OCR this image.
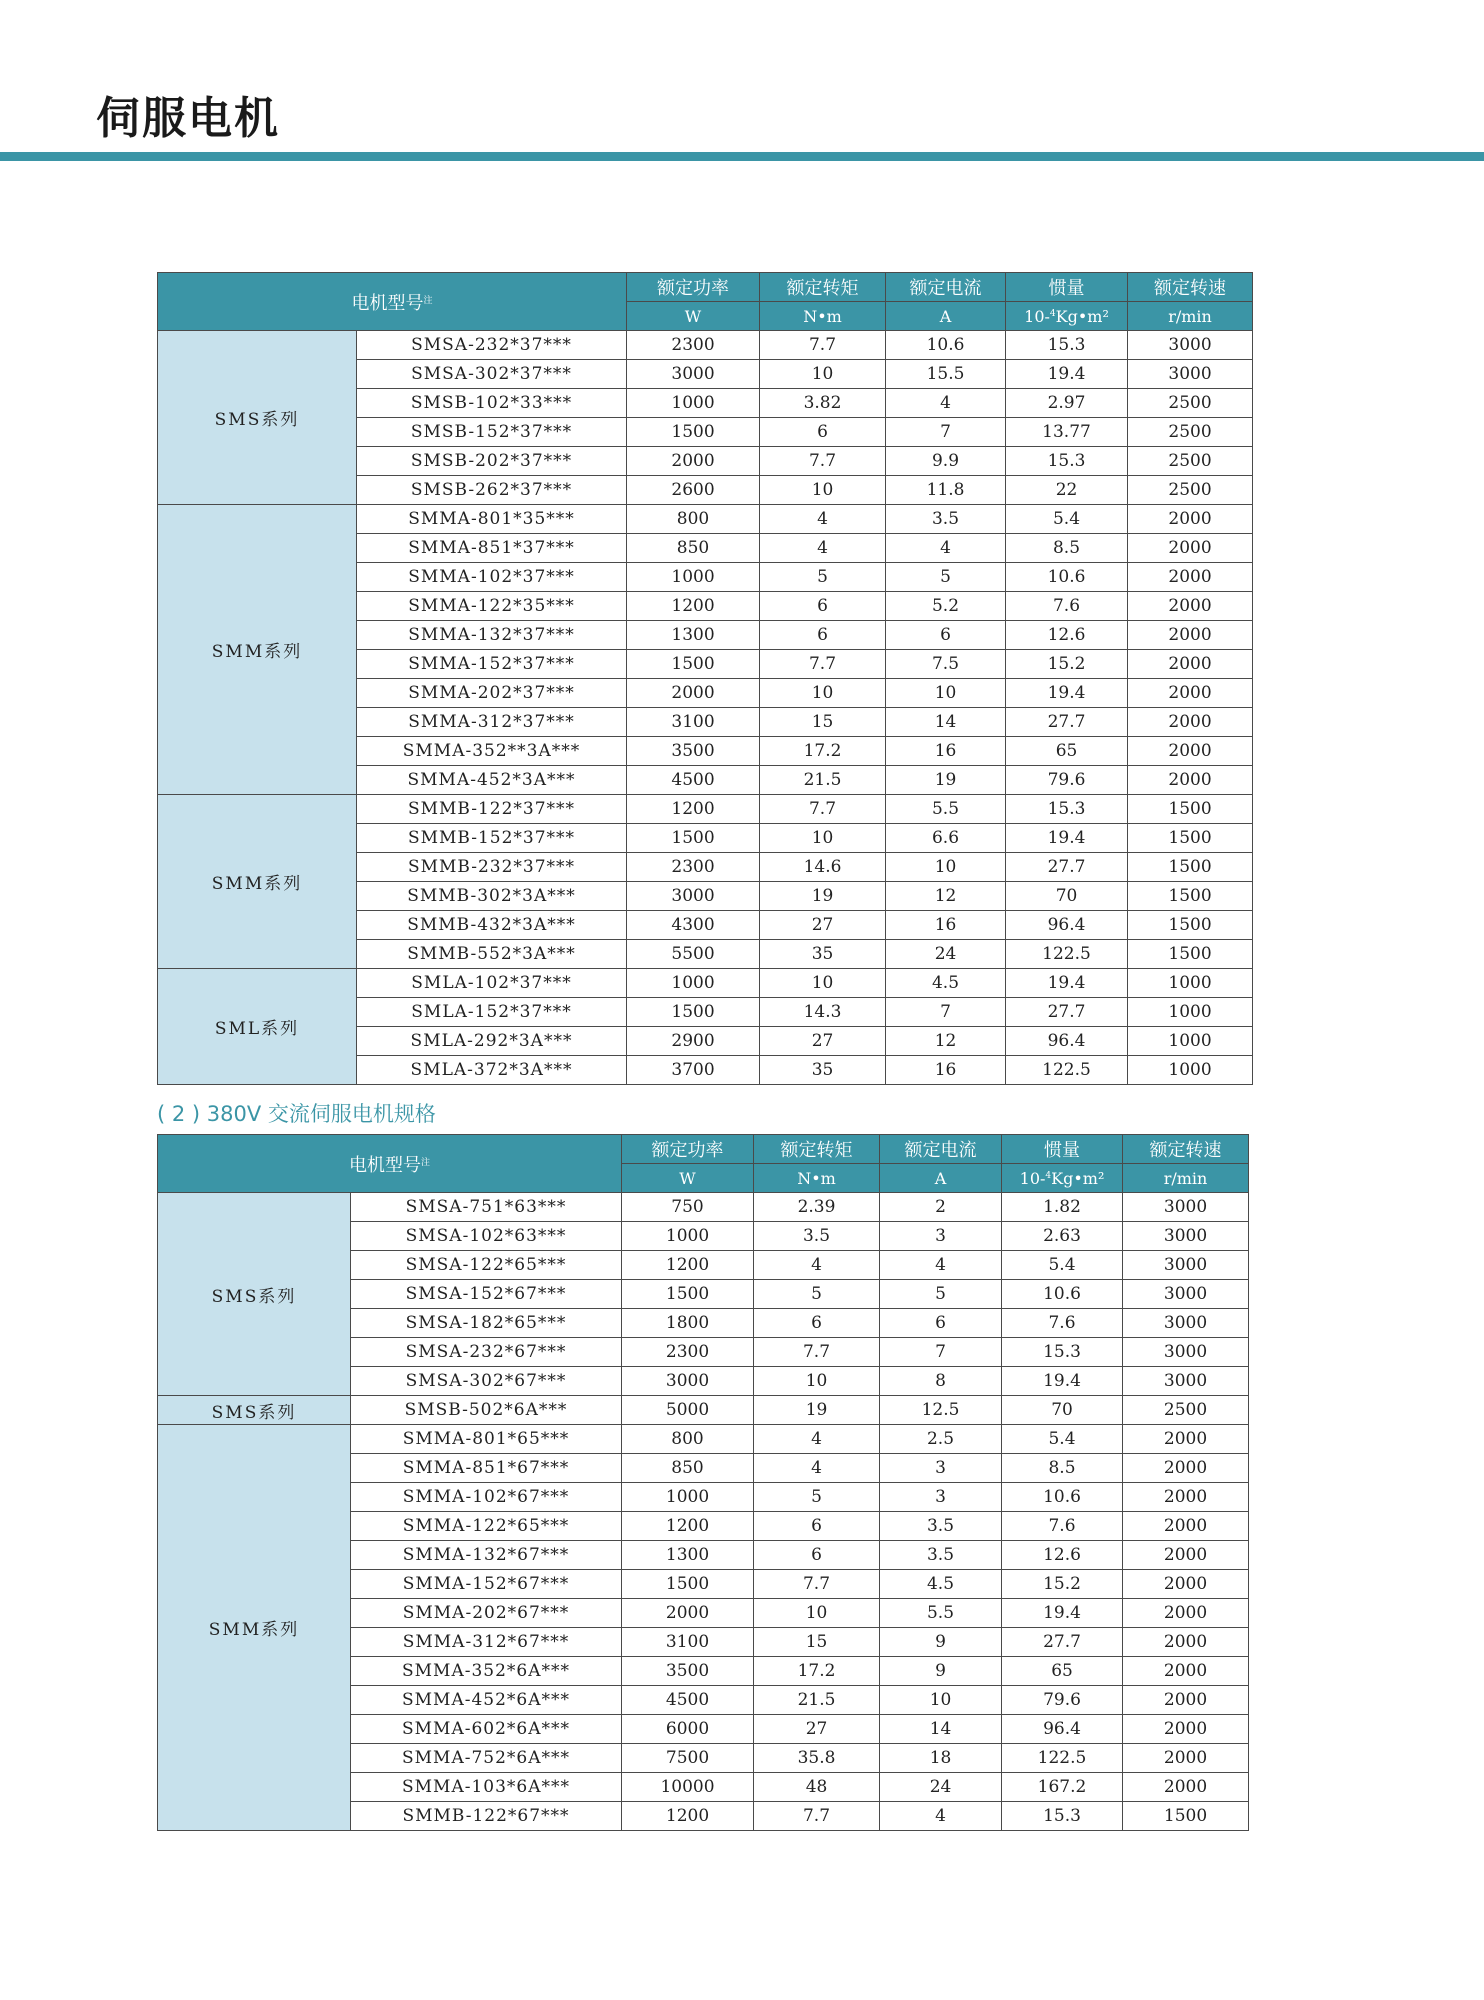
伺服电机
电机型号$^注$		额定功率	额定转矩	额定电流	惯量	额定转速
		W	N•m	A	10-$^4$Kg•m²	r/min
SMS系列	SMSA-232*37***	2300	7.7	10.6	15.3	3000
	SMSA-302*37***	3000	10	15.5	19.4	3000
	SMSB-102*33***	1000	3.82	4	2.97	2500
	SMSB-152*37***	1500	6	7	13.77	2500
	SMSB-202*37***	2000	7.7	9.9	15.3	2500
	SMSB-262*37***	2600	10	11.8	22	2500
SMM系列	SMMA-801*35***	800	4	3.5	5.4	2000
	SMMA-851*37***	850	4	4	8.5	2000
	SMMA-102*37***	1000	5	5	10.6	2000
	SMMA-122*35***	1200	6	5.2	7.6	2000
	SMMA-132*37***	1300	6	6	12.6	2000
	SMMA-152*37***	1500	7.7	7.5	15.2	2000
	SMMA-202*37***	2000	10	10	19.4	2000
	SMMA-312*37***	3100	15	14	27.7	2000
	SMMA-352**3A***	3500	17.2	16	65	2000
	SMMA-452*3A***	4500	21.5	19	79.6	2000
SMM系列	SMMB-122*37***	1200	7.7	5.5	15.3	1500
	SMMB-152*37***	1500	10	6.6	19.4	1500
	SMMB-232*37***	2300	14.6	10	27.7	1500
	SMMB-302*3A***	3000	19	12	70	1500
	SMMB-432*3A***	4300	27	16	96.4	1500
	SMMB-552*3A***	5500	35	24	122.5	1500
SML系列	SMLA-102*37***	1000	10	4.5	19.4	1000
	SMLA-152*37***	1500	14.3	7	27.7	1000
	SMLA-292*3A***	2900	27	12	96.4	1000
	SMLA-372*3A***	3700	35	16	122.5	1000
( 2 ) 380V 交流伺服电机规格
电机型号$^注$		额定功率	额定转矩	额定电流	惯量	额定转速
		W	N•m	A	10-$^4$Kg•m²	r/min
SMS系列	SMSA-751*63***	750	2.39	2	1.82	3000
	SMSA-102*63***	1000	3.5	3	2.63	3000
	SMSA-122*65***	1200	4	4	5.4	3000
	SMSA-152*67***	1500	5	5	10.6	3000
	SMSA-182*65***	1800	6	6	7.6	3000
	SMSA-232*67***	2300	7.7	7	15.3	3000
	SMSA-302*67***	3000	10	8	19.4	3000
SMS系列	SMSB-502*6A***	5000	19	12.5	70	2500
SMM系列	SMMA-801*65***	800	4	2.5	5.4	2000
	SMMA-851*67***	850	4	3	8.5	2000
	SMMA-102*67***	1000	5	3	10.6	2000
	SMMA-122*65***	1200	6	3.5	7.6	2000
	SMMA-132*67***	1300	6	3.5	12.6	2000
	SMMA-152*67***	1500	7.7	4.5	15.2	2000
	SMMA-202*67***	2000	10	5.5	19.4	2000
	SMMA-312*67***	3100	15	9	27.7	2000
	SMMA-352*6A***	3500	17.2	9	65	2000
	SMMA-452*6A***	4500	21.5	10	79.6	2000
	SMMA-602*6A***	6000	27	14	96.4	2000
	SMMA-752*6A***	7500	35.8	18	122.5	2000
	SMMA-103*6A***	10000	48	24	167.2	2000
	SMMB-122*67***	1200	7.7	4	15.3	1500
